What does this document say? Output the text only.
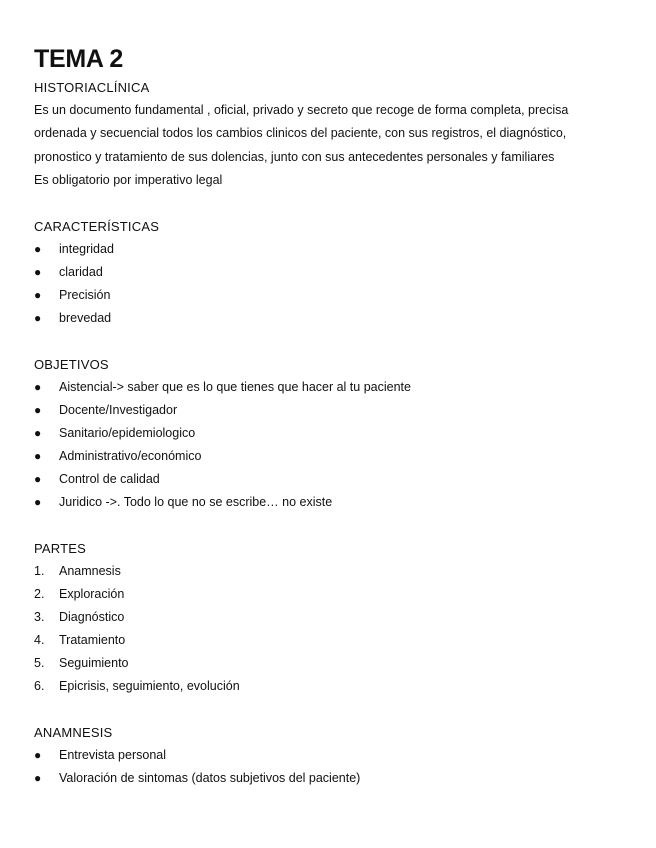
TEMA 2

HISTORIACLÍNICA

Es un documento fundamental , oficial, privado y secreto que recoge de forma completa, precisa ordenada y secuencial todos los cambios clinicos del paciente, con sus registros, el diagnóstico, pronostico y tratamiento de sus dolencias, junto con sus antecedentes personales y familiares

Es obligatorio por imperativo legal

CARACTERÍSTICAS

● integridad
● claridad
● Precisión
● brevedad

OBJETIVOS

● Aistencial-> saber que es lo que tienes que hacer al tu paciente
● Docente/Investigador
● Sanitario/epidemiologico
● Administrativo/económico
● Control de calidad
● Juridico ->. Todo lo que no se escribe… no existe

PARTES

1. Anamnesis
2. Exploración
3. Diagnóstico
4. Tratamiento
5. Seguimiento
6. Epicrisis, seguimiento, evolución

ANAMNESIS

● Entrevista personal
● Valoración de sintomas (datos subjetivos del paciente)
